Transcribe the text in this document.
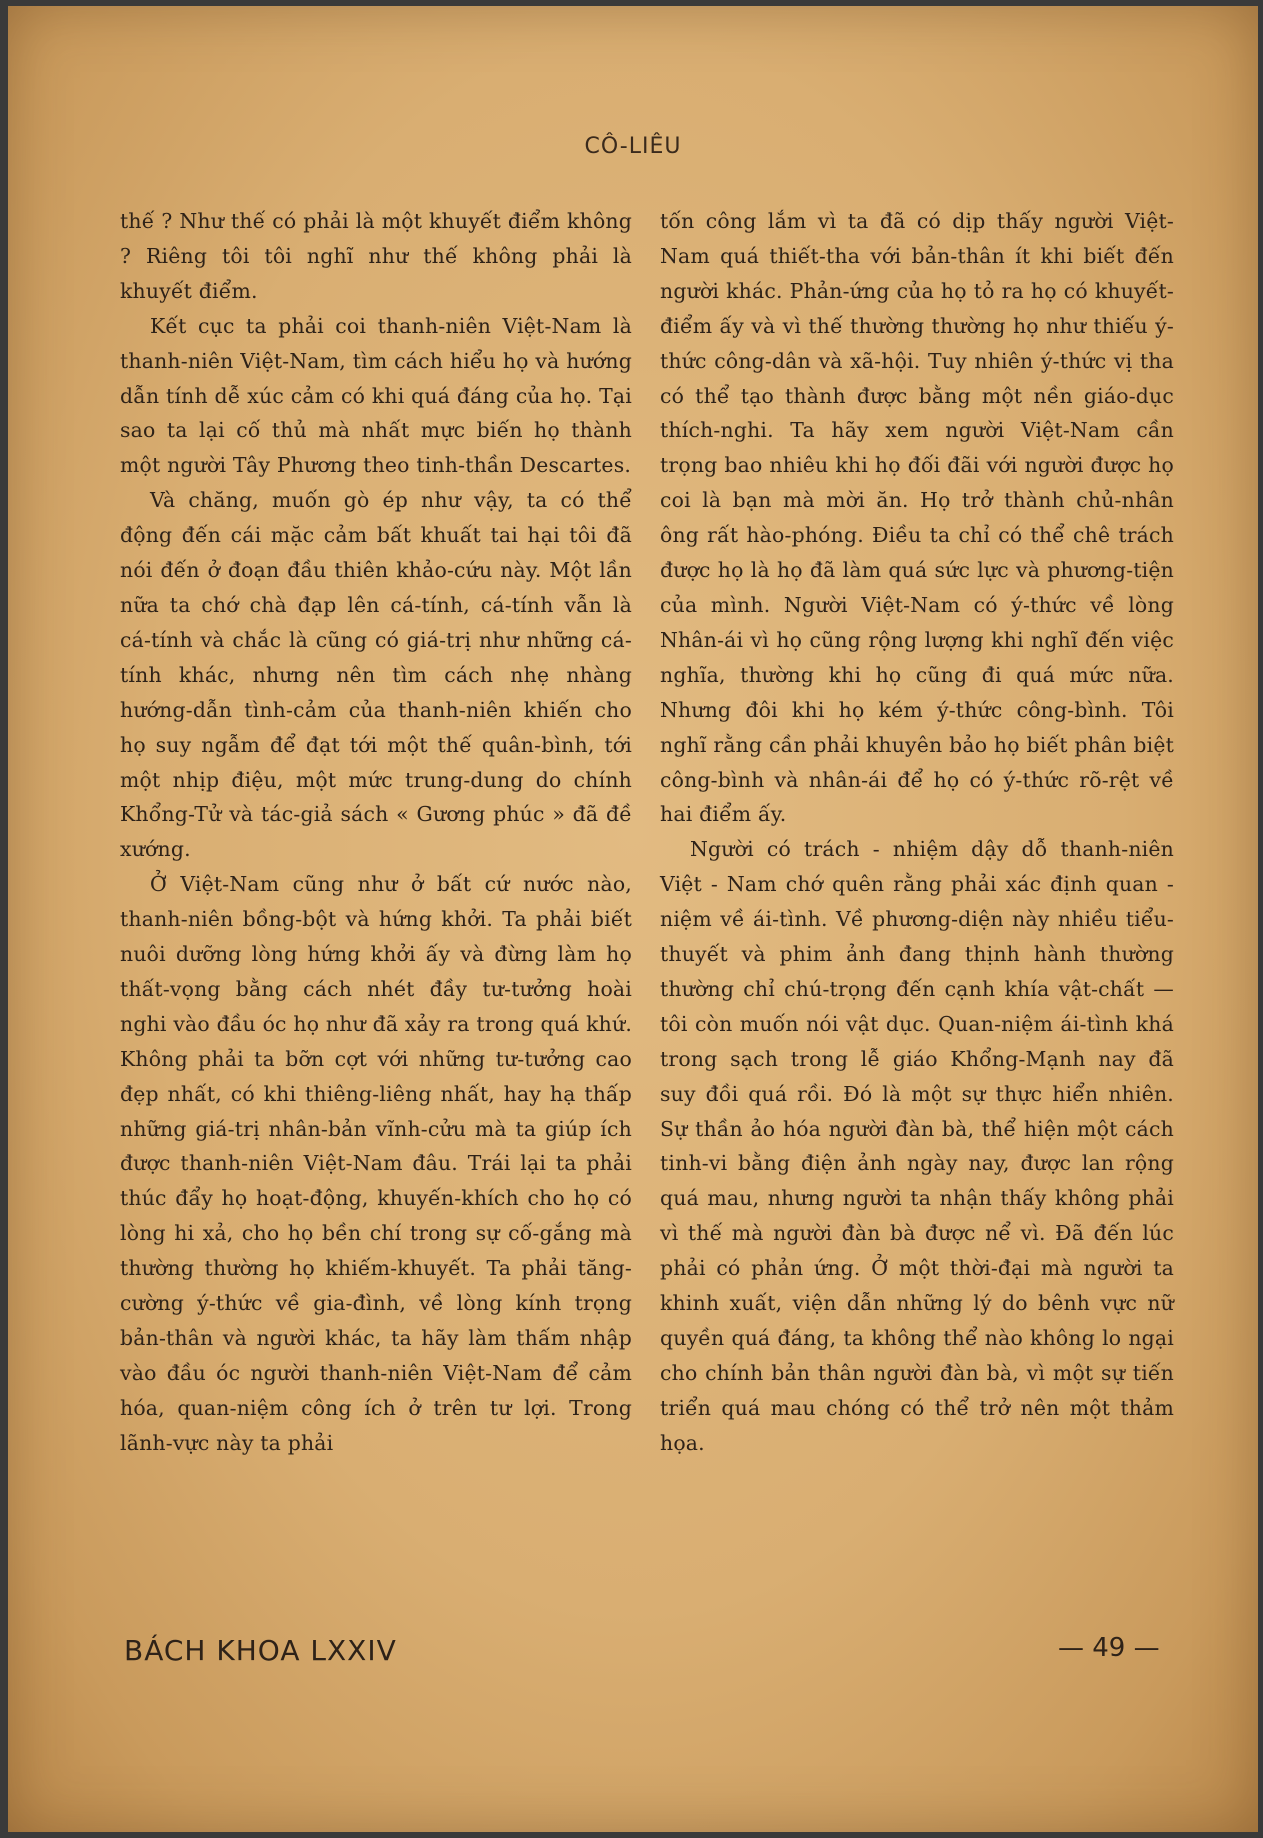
CÔ-LIÊU

thế ? Như thế có phải là một khuyết điểm không ? Riêng tôi tôi nghĩ như thế không phải là khuyết điểm.

Kết cục ta phải coi thanh-niên Việt-Nam là thanh-niên Việt-Nam, tìm cách hiểu họ và hướng dẫn tính dễ xúc cảm có khi quá đáng của họ. Tại sao ta lại cố thủ mà nhất mực biến họ thành một người Tây Phương theo tinh-thần Descartes.

Và chăng, muốn gò ép như vậy, ta có thể động đến cái mặc cảm bất khuất tai hại tôi đã nói đến ở đoạn đầu thiên khảo-cứu này. Một lần nữa ta chớ chà đạp lên cá-tính, cá-tính vẫn là cá-tính và chắc là cũng có giá-trị như những cá-tính khác, nhưng nên tìm cách nhẹ nhàng hướng-dẫn tình-cảm của thanh-niên khiến cho họ suy ngẫm để đạt tới một thế quân-bình, tới một nhịp điệu, một mức trung-dung do chính Khổng-Tử và tác-giả sách « Gương phúc » đã đề xướng.

Ở Việt-Nam cũng như ở bất cứ nước nào, thanh-niên bồng-bột và hứng khởi. Ta phải biết nuôi dưỡng lòng hứng khởi ấy và đừng làm họ thất-vọng bằng cách nhét đầy tư-tưởng hoài nghi vào đầu óc họ như đã xảy ra trong quá khứ. Không phải ta bỡn cợt với những tư-tưởng cao đẹp nhất, có khi thiêng-liêng nhất, hay hạ thấp những giá-trị nhân-bản vĩnh-cửu mà ta giúp ích được thanh-niên Việt-Nam đâu. Trái lại ta phải thúc đẩy họ hoạt-động, khuyến-khích cho họ có lòng hi xả, cho họ bền chí trong sự cố-gắng mà thường thường họ khiếm-khuyết. Ta phải tăng-cường ý-thức về gia-đình, về lòng kính trọng bản-thân và người khác, ta hãy làm thấm nhập vào đầu óc người thanh-niên Việt-Nam để cảm hóa, quan-niệm công ích ở trên tư lợi. Trong lãnh-vực này ta phải

tốn công lắm vì ta đã có dịp thấy người Việt-Nam quá thiết-tha với bản-thân ít khi biết đến người khác. Phản-ứng của họ tỏ ra họ có khuyết-điểm ấy và vì thế thường thường họ như thiếu ý-thức công-dân và xã-hội. Tuy nhiên ý-thức vị tha có thể tạo thành được bằng một nền giáo-dục thích-nghi. Ta hãy xem người Việt-Nam cần trọng bao nhiêu khi họ đối đãi với người được họ coi là bạn mà mời ăn. Họ trở thành chủ-nhân ông rất hào-phóng. Điều ta chỉ có thể chê trách được họ là họ đã làm quá sức lực và phương-tiện của mình. Người Việt-Nam có ý-thức về lòng Nhân-ái vì họ cũng rộng lượng khi nghĩ đến việc nghĩa, thường khi họ cũng đi quá mức nữa. Nhưng đôi khi họ kém ý-thức công-bình. Tôi nghĩ rằng cần phải khuyên bảo họ biết phân biệt công-bình và nhân-ái để họ có ý-thức rõ-rệt về hai điểm ấy.

Người có trách - nhiệm dậy dỗ thanh-niên Việt - Nam chớ quên rằng phải xác định quan - niệm về ái-tình. Về phương-diện này nhiều tiểu-thuyết và phim ảnh đang thịnh hành thường thường chỉ chú-trọng đến cạnh khía vật-chất — tôi còn muốn nói vật dục. Quan-niệm ái-tình khá trong sạch trong lễ giáo Khổng-Mạnh nay đã suy đồi quá rồi. Đó là một sự thực hiển nhiên. Sự thần ảo hóa người đàn bà, thể hiện một cách tinh-vi bằng điện ảnh ngày nay, được lan rộng quá mau, nhưng người ta nhận thấy không phải vì thế mà người đàn bà được nể vì. Đã đến lúc phải có phản ứng. Ở một thời-đại mà người ta khinh xuất, viện dẫn những lý do bênh vực nữ quyền quá đáng, ta không thể nào không lo ngại cho chính bản thân người đàn bà, vì một sự tiến triển quá mau chóng có thể trở nên một thảm họa.

BÁCH KHOA LXXIV	— 49 —
